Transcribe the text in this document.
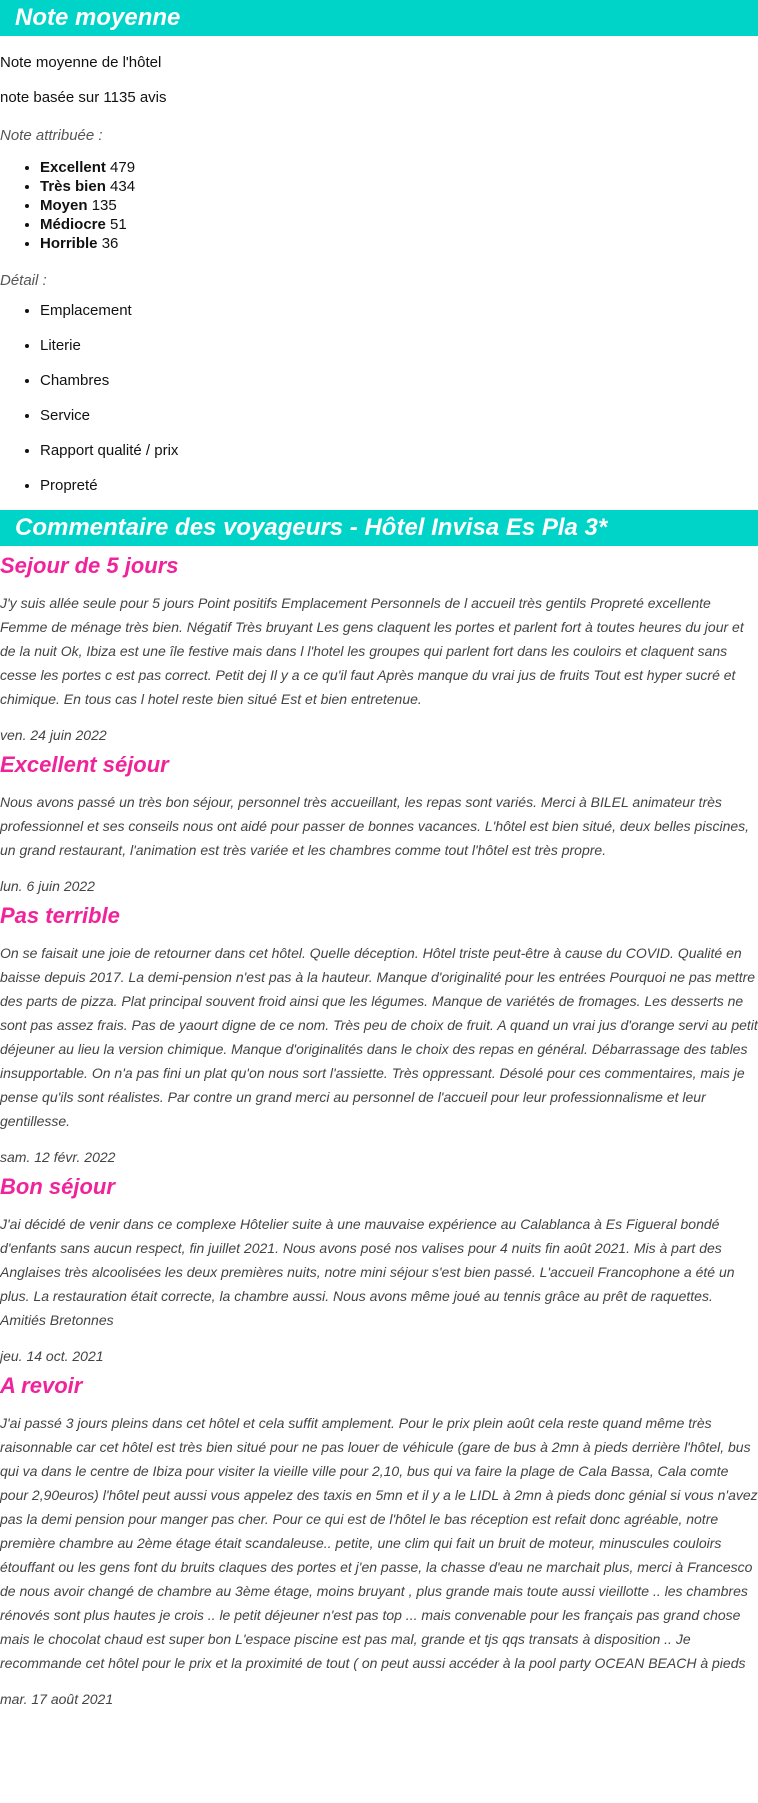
Note moyenne

Note moyenne de l'hôtel

note basée sur 1135 avis

Note attribuée :

• Excellent 479
• Très bien 434
• Moyen 135
• Médiocre 51
• Horrible 36

Détail :

• Emplacement
• Literie
• Chambres
• Service
• Rapport qualité / prix
• Propreté
Commentaire des voyageurs - Hôtel Invisa Es Pla 3*
Sejour de 5 jours

J'y suis allée seule pour 5 jours Point positifs Emplacement Personnels de l accueil très gentils Propreté excellente Femme de ménage très bien. Négatif Très bruyant Les gens claquent les portes et parlent fort à toutes heures du jour et de la nuit Ok, Ibiza est une île festive mais dans l l'hotel les groupes qui parlent fort dans les couloirs et claquent sans cesse les portes c est pas correct. Petit dej Il y a ce qu'il faut Après manque du vrai jus de fruits Tout est hyper sucré et chimique. En tous cas l hotel reste bien situé Est et bien entretenue.

ven. 24 juin 2022

Excellent séjour

Nous avons passé un très bon séjour, personnel très accueillant, les repas sont variés. Merci à BILEL animateur très professionnel et ses conseils nous ont aidé pour passer de bonnes vacances. L'hôtel est bien situé, deux belles piscines, un grand restaurant, l'animation est très variée et les chambres comme tout l'hôtel est très propre.

lun. 6 juin 2022

Pas terrible

On se faisait une joie de retourner dans cet hôtel. Quelle déception. Hôtel triste peut-être à cause du COVID. Qualité en baisse depuis 2017. La demi-pension n'est pas à la hauteur. Manque d'originalité pour les entrées Pourquoi ne pas mettre des parts de pizza. Plat principal souvent froid ainsi que les légumes. Manque de variétés de fromages. Les desserts ne sont pas assez frais. Pas de yaourt digne de ce nom. Très peu de choix de fruit. A quand un vrai jus d'orange servi au petit déjeuner au lieu la version chimique. Manque d'originalités dans le choix des repas en général. Débarrassage des tables insupportable. On n'a pas fini un plat qu'on nous sort l'assiette. Très oppressant. Désolé pour ces commentaires, mais je pense qu'ils sont réalistes. Par contre un grand merci au personnel de l'accueil pour leur professionnalisme et leur gentillesse.

sam. 12 févr. 2022

Bon séjour

J'ai décidé de venir dans ce complexe Hôtelier suite à une mauvaise expérience au Calablanca à Es Figueral bondé d'enfants sans aucun respect, fin juillet 2021. Nous avons posé nos valises pour 4 nuits fin août 2021. Mis à part des Anglaises très alcoolisées les deux premières nuits, notre mini séjour s'est bien passé. L'accueil Francophone a été un plus. La restauration était correcte, la chambre aussi. Nous avons même joué au tennis grâce au prêt de raquettes. Amitiés Bretonnes

jeu. 14 oct. 2021

A revoir

J'ai passé 3 jours pleins dans cet hôtel et cela suffit amplement. Pour le prix plein août cela reste quand même très raisonnable car cet hôtel est très bien situé pour ne pas louer de véhicule (gare de bus à 2mn à pieds derrière l'hôtel, bus qui va dans le centre de Ibiza pour visiter la vieille ville pour 2,10, bus qui va faire la plage de Cala Bassa, Cala comte pour 2,90euros) l'hôtel peut aussi vous appelez des taxis en 5mn et il y a le LIDL à 2mn à pieds donc génial si vous n'avez pas la demi pension pour manger pas cher. Pour ce qui est de l'hôtel le bas réception est refait donc agréable, notre première chambre au 2ème étage était scandaleuse.. petite, une clim qui fait un bruit de moteur, minuscules couloirs étouffant ou les gens font du bruits claques des portes et j'en passe, la chasse d'eau ne marchait plus, merci à Francesco de nous avoir changé de chambre au 3ème étage, moins bruyant , plus grande mais toute aussi vieillotte .. les chambres rénovés sont plus hautes je crois .. le petit déjeuner n'est pas top ... mais convenable pour les français pas grand chose mais le chocolat chaud est super bon L'espace piscine est pas mal, grande et tjs qqs transats à disposition .. Je recommande cet hôtel pour le prix et la proximité de tout ( on peut aussi accéder à la pool party OCEAN BEACH à pieds

mar. 17 août 2021
